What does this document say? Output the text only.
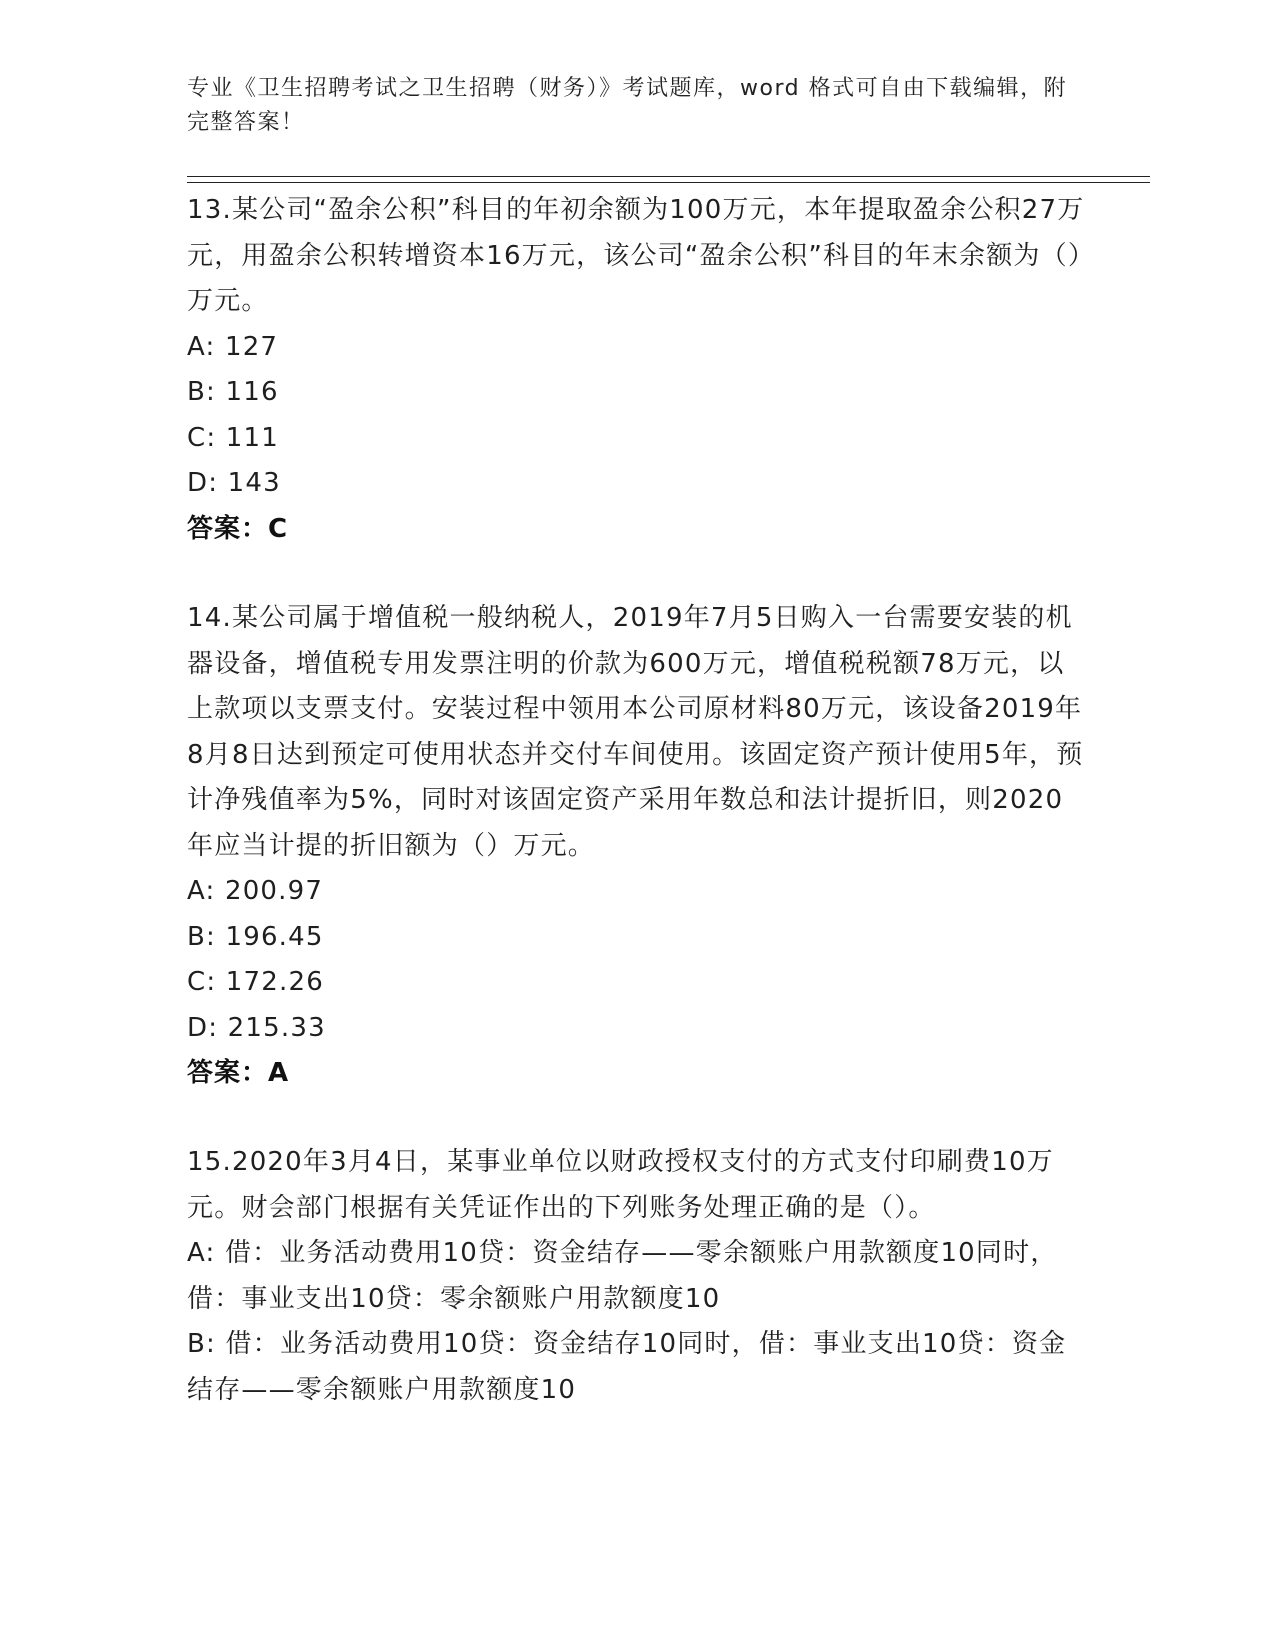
专业《卫生招聘考试之卫生招聘（财务）》考试题库，word 格式可自由下载编辑，附完整答案！

13.某公司“盈余公积”科目的年初余额为100万元，本年提取盈余公积27万元，用盈余公积转增资本16万元，该公司“盈余公积”科目的年末余额为（）万元。

A: 127

B: 116

C: 111

D: 143

答案：C

14.某公司属于增值税一般纳税人，2019年7月5日购入一台需要安装的机器设备，增值税专用发票注明的价款为600万元，增值税税额78万元，以上款项以支票支付。安装过程中领用本公司原材料80万元，该设备2019年8月8日达到预定可使用状态并交付车间使用。该固定资产预计使用5年，预计净残值率为5%，同时对该固定资产采用年数总和法计提折旧，则2020年应当计提的折旧额为（）万元。

A: 200.97

B: 196.45

C: 172.26

D: 215.33

答案：A

15.2020年3月4日，某事业单位以财政授权支付的方式支付印刷费10万元。财会部门根据有关凭证作出的下列账务处理正确的是（）。

A: 借：业务活动费用10贷：资金结存——零余额账户用款额度10同时，借：事业支出10贷：零余额账户用款额度10

B: 借：业务活动费用10贷：资金结存10同时，借：事业支出10贷：资金结存——零余额账户用款额度10
